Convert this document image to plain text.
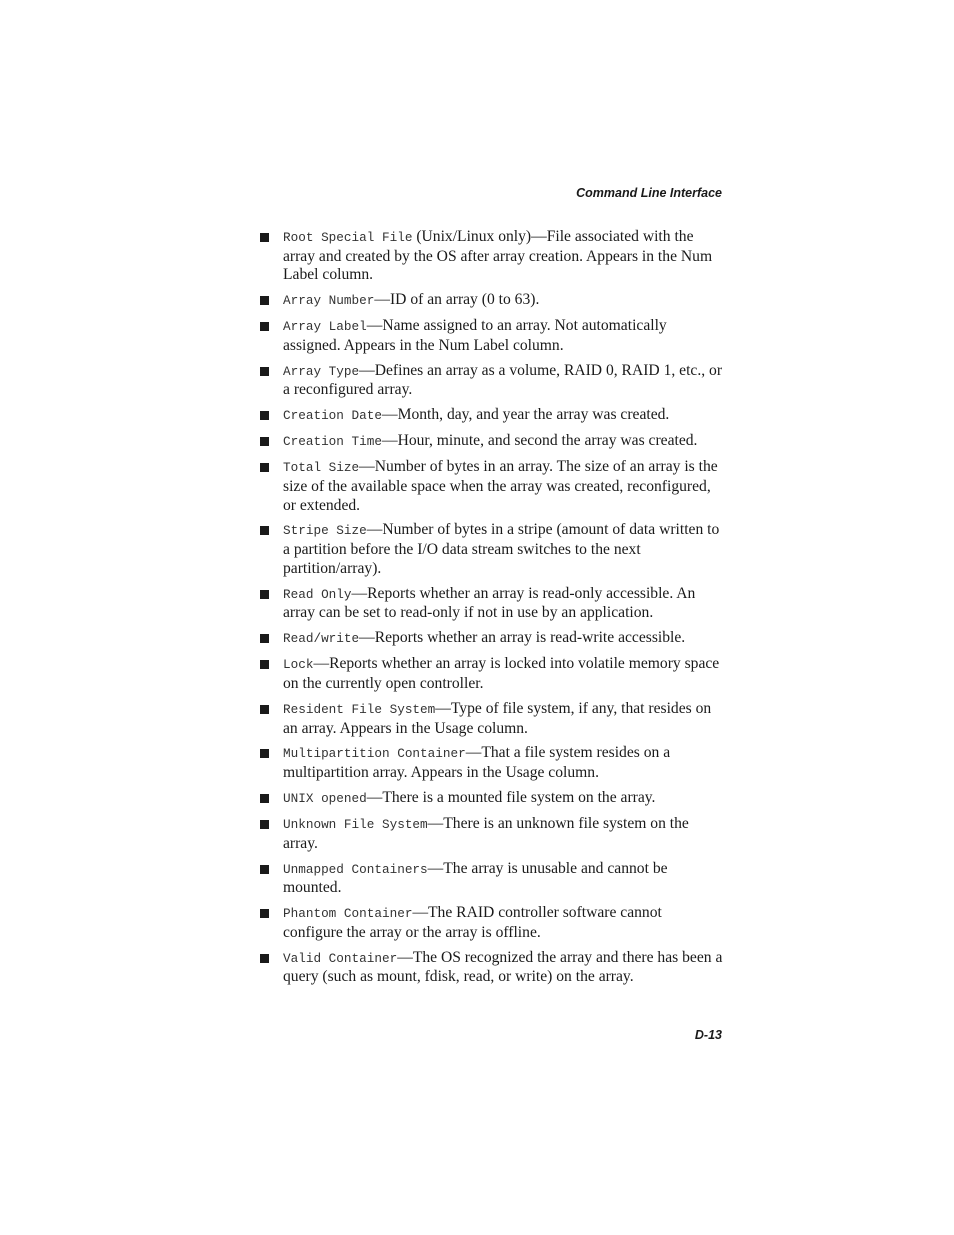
Command Line Interface
Root Special File (Unix/Linux only)—File associated with the array and created by the OS after array creation. Appears in the Num Label column.
Array Number—ID of an array (0 to 63).
Array Label—Name assigned to an array. Not automatically assigned. Appears in the Num Label column.
Array Type—Defines an array as a volume, RAID 0, RAID 1, etc., or a reconfigured array.
Creation Date—Month, day, and year the array was created.
Creation Time—Hour, minute, and second the array was created.
Total Size—Number of bytes in an array. The size of an array is the size of the available space when the array was created, reconfigured, or extended.
Stripe Size—Number of bytes in a stripe (amount of data written to a partition before the I/O data stream switches to the next partition/array).
Read Only—Reports whether an array is read-only accessible. An array can be set to read-only if not in use by an application.
Read/write—Reports whether an array is read-write accessible.
Lock—Reports whether an array is locked into volatile memory space on the currently open controller.
Resident File System—Type of file system, if any, that resides on an array. Appears in the Usage column.
Multipartition Container—That a file system resides on a multipartition array. Appears in the Usage column.
UNIX opened—There is a mounted file system on the array.
Unknown File System—There is an unknown file system on the array.
Unmapped Containers—The array is unusable and cannot be mounted.
Phantom Container—The RAID controller software cannot configure the array or the array is offline.
Valid Container—The OS recognized the array and there has been a query (such as mount, fdisk, read, or write) on the array.
D-13
